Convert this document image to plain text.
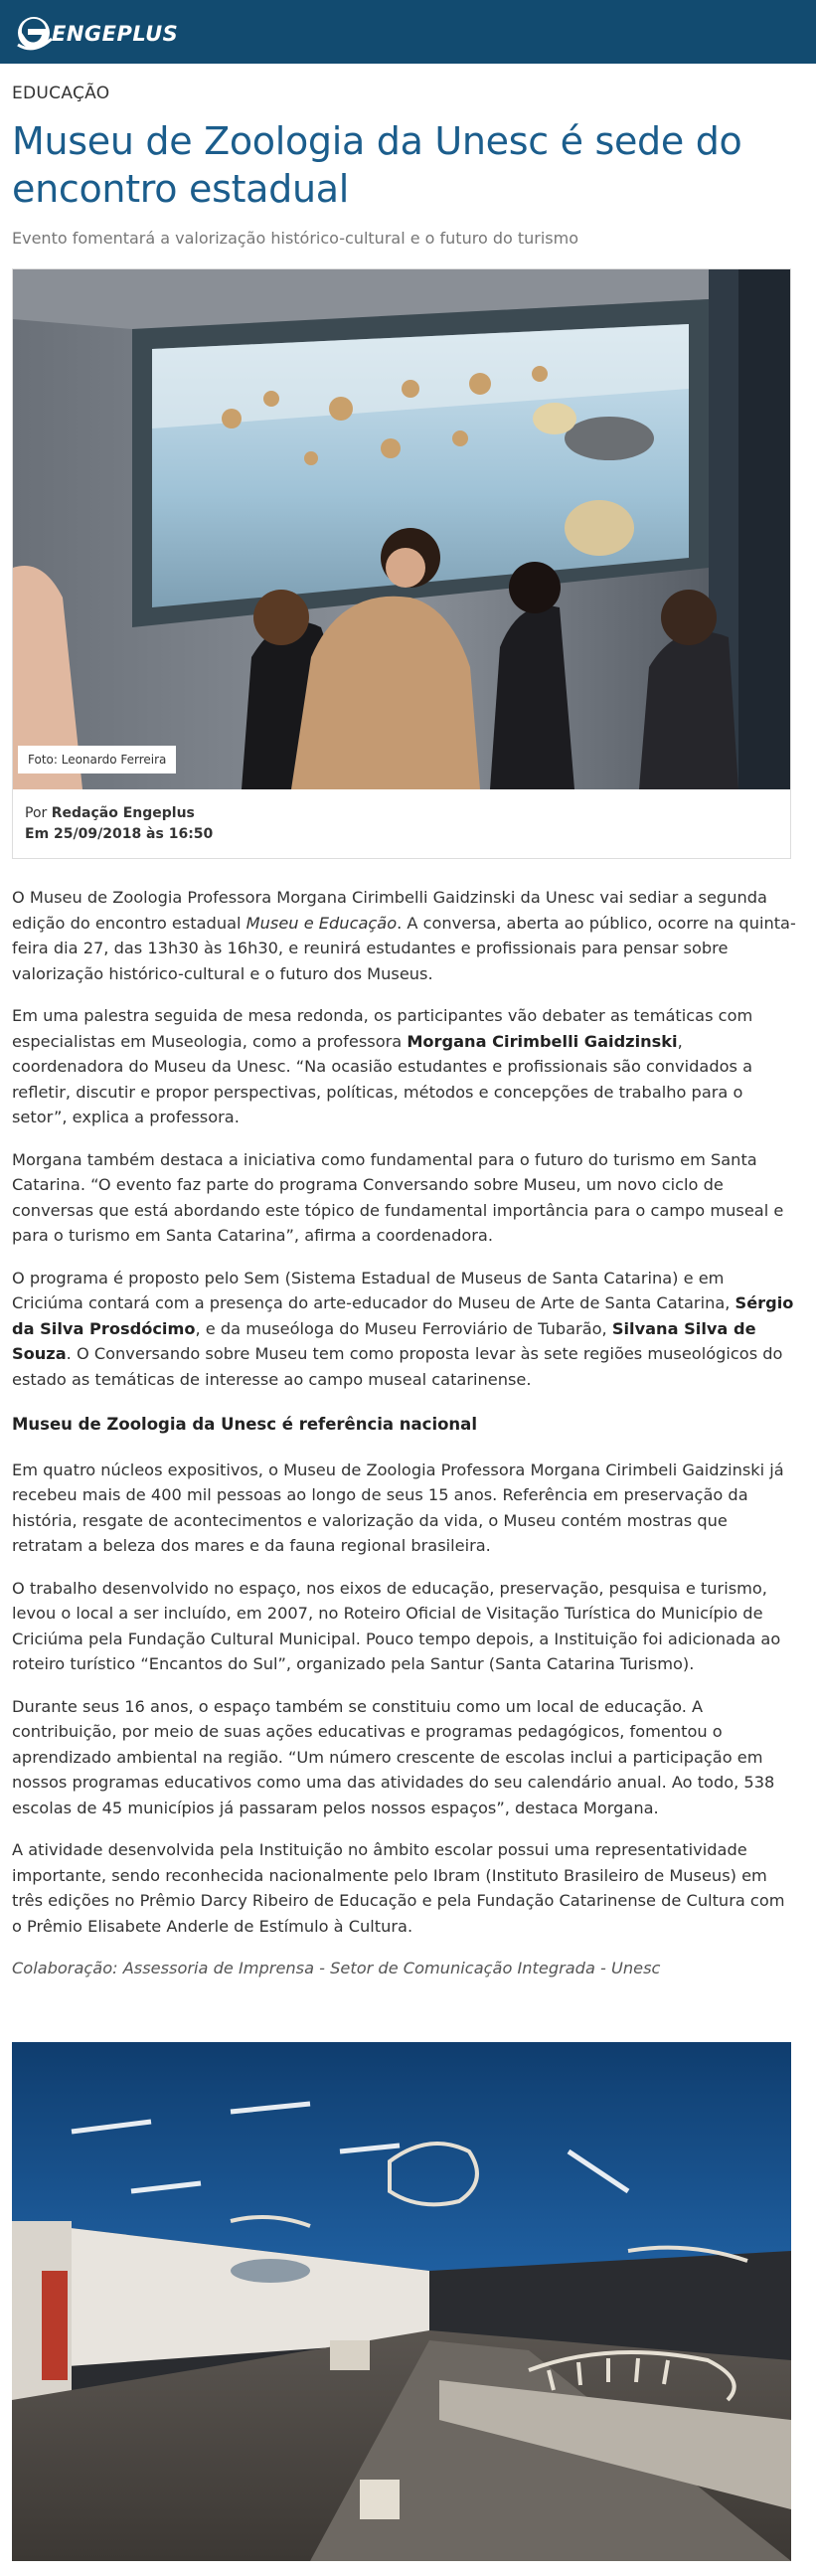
ENGEPLUS
EDUCAÇÃO
Museu de Zoologia da Unesc é sede do encontro estadual
Evento fomentará a valorização histórico-cultural e o futuro do turismo
Foto: Leonardo Ferreira
Por Redação Engeplus
Em 25/09/2018 às 16:50

O Museu de Zoologia Professora Morgana Cirimbelli Gaidzinski da Unesc vai sediar a segunda edição do encontro estadual Museu e Educação. A conversa, aberta ao público, ocorre na quinta-feira dia 27, das 13h30 às 16h30, e reunirá estudantes e profissionais para pensar sobre valorização histórico-cultural e o futuro dos Museus.

Em uma palestra seguida de mesa redonda, os participantes vão debater as temáticas com especialistas em Museologia, como a professora Morgana Cirimbelli Gaidzinski, coordenadora do Museu da Unesc. “Na ocasião estudantes e profissionais são convidados a refletir, discutir e propor perspectivas, políticas, métodos e concepções de trabalho para o setor”, explica a professora.

Morgana também destaca a iniciativa como fundamental para o futuro do turismo em Santa Catarina. “O evento faz parte do programa Conversando sobre Museu, um novo ciclo de conversas que está abordando este tópico de fundamental importância para o campo museal e para o turismo em Santa Catarina”, afirma a coordenadora.

O programa é proposto pelo Sem (Sistema Estadual de Museus de Santa Catarina) e em Criciúma contará com a presença do arte-educador do Museu de Arte de Santa Catarina, Sérgio da Silva Prosdócimo, e da museóloga do Museu Ferroviário de Tubarão, Silvana Silva de Souza. O Conversando sobre Museu tem como proposta levar às sete regiões museológicos do estado as temáticas de interesse ao campo museal catarinense.

Museu de Zoologia da Unesc é referência nacional

Em quatro núcleos expositivos, o Museu de Zoologia Professora Morgana Cirimbeli Gaidzinski já recebeu mais de 400 mil pessoas ao longo de seus 15 anos. Referência em preservação da história, resgate de acontecimentos e valorização da vida, o Museu contém mostras que retratam a beleza dos mares e da fauna regional brasileira.

O trabalho desenvolvido no espaço, nos eixos de educação, preservação, pesquisa e turismo, levou o local a ser incluído, em 2007, no Roteiro Oficial de Visitação Turística do Município de Criciúma pela Fundação Cultural Municipal. Pouco tempo depois, a Instituição foi adicionada ao roteiro turístico “Encantos do Sul”, organizado pela Santur (Santa Catarina Turismo).

Durante seus 16 anos, o espaço também se constituiu como um local de educação. A contribuição, por meio de suas ações educativas e programas pedagógicos, fomentou o aprendizado ambiental na região. “Um número crescente de escolas inclui a participação em nossos programas educativos como uma das atividades do seu calendário anual. Ao todo, 538 escolas de 45 municípios já passaram pelos nossos espaços”, destaca Morgana.

A atividade desenvolvida pela Instituição no âmbito escolar possui uma representatividade importante, sendo reconhecida nacionalmente pelo Ibram (Instituto Brasileiro de Museus) em três edições no Prêmio Darcy Ribeiro de Educação e pela Fundação Catarinense de Cultura com o Prêmio Elisabete Anderle de Estímulo à Cultura.

Colaboração: Assessoria de Imprensa - Setor de Comunicação Integrada - Unesc
